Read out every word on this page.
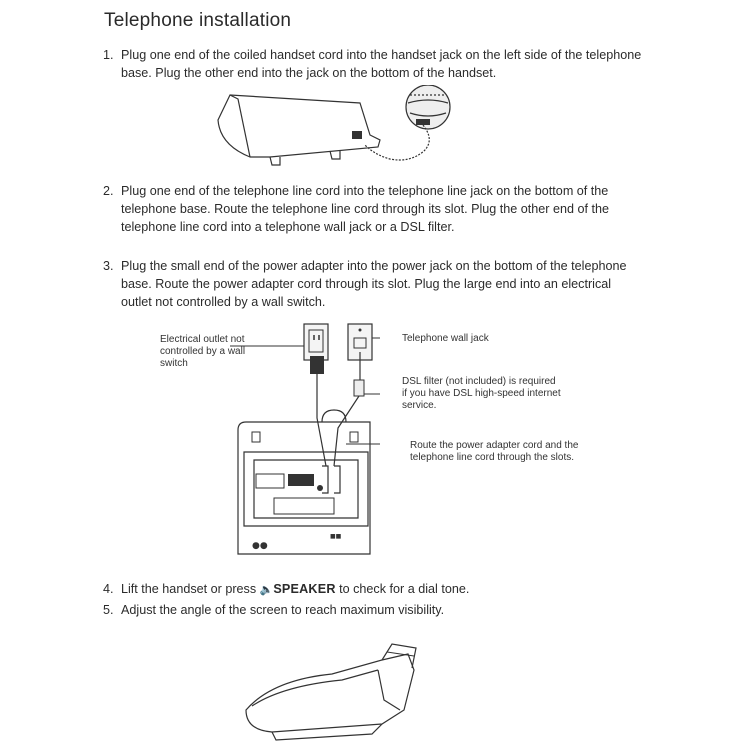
Telephone installation
1. Plug one end of the coiled handset cord into the handset jack on the left side of the telephone base. Plug the other end into the jack on the bottom of the handset.
2. Plug one end of the telephone line cord into the telephone line jack on the bottom of the telephone base. Route the telephone line cord through its slot. Plug the other end of the telephone line cord into a telephone wall jack or a DSL filter.
3. Plug the small end of the power adapter into the power jack on the bottom of the telephone base. Route the power adapter cord through its slot. Plug the large end into an electrical outlet not controlled by a wall switch.
●●
■■
Electrical outlet not
controlled by a wall
switch
Telephone wall jack
DSL filter (not included) is required
if you have DSL high-speed internet
service.
Route the power adapter cord and the
telephone line cord through the slots.
4. Lift the handset or press 🔈SPEAKER to check for a dial tone.
5. Adjust the angle of the screen to reach maximum visibility.
